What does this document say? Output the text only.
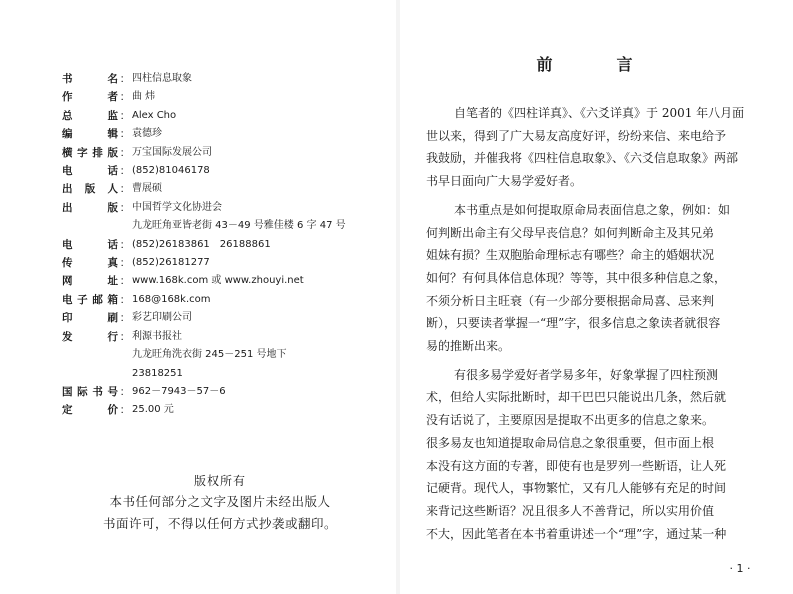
书名 ： 四柱信息取象
作者 ： 曲 炜
总监 ： Alex Cho
编辑 ： 袁德珍
横字排版 ： 万宝国际发展公司
电话 ： (852)81046178
出版人 ： 曹展硕
出版 ： 中国哲学文化协进会
九龙旺角亚皆老街 43－49 号雅佳楼 6 字 47 号
电话 ： (852)26183861　26188861
传真 ： (852)26181277
网址 ： www.168k.com 或 www.zhouyi.net
电子邮箱 ： 168@168k.com
印刷 ： 彩艺印刷公司
发行 ： 利源书报社
九龙旺角洗衣街 245－251 号地下
23818251
国际书号 ： 962－7943－57－6
定价 ： 25.00 元
版权所有
本书任何部分之文字及图片未经出版人
书面许可，不得以任何方式抄袭或翻印。
前　言
自笔者的《四柱详真》、《六爻详真》于 2001 年八月面
世以来，得到了广大易友高度好评，纷纷来信、来电给予
我鼓励，并催我将《四柱信息取象》、《六爻信息取象》两部
书早日面向广大易学爱好者。
本书重点是如何提取原命局表面信息之象，例如：如
何判断出命主有父母早丧信息？如何判断命主及其兄弟
姐妹有损？生双胞胎命理标志有哪些？命主的婚姻状况
如何？有何具体信息体现？等等，其中很多种信息之象，
不须分析日主旺衰（有一少部分要根据命局喜、忌来判
断），只要读者掌握一“理”字，很多信息之象读者就很容
易的推断出来。
有很多易学爱好者学易多年，好象掌握了四柱预测
术，但给人实际批断时，却干巴巴只能说出几条，然后就
没有话说了，主要原因是提取不出更多的信息之象来。
很多易友也知道提取命局信息之象很重要，但市面上根
本没有这方面的专著，即使有也是罗列一些断语，让人死
记硬背。现代人，事物繁忙，又有几人能够有充足的时间
来背记这些断语？况且很多人不善背记，所以实用价值
不大，因此笔者在本书着重讲述一个“理”字，通过某一种
· 1 ·
